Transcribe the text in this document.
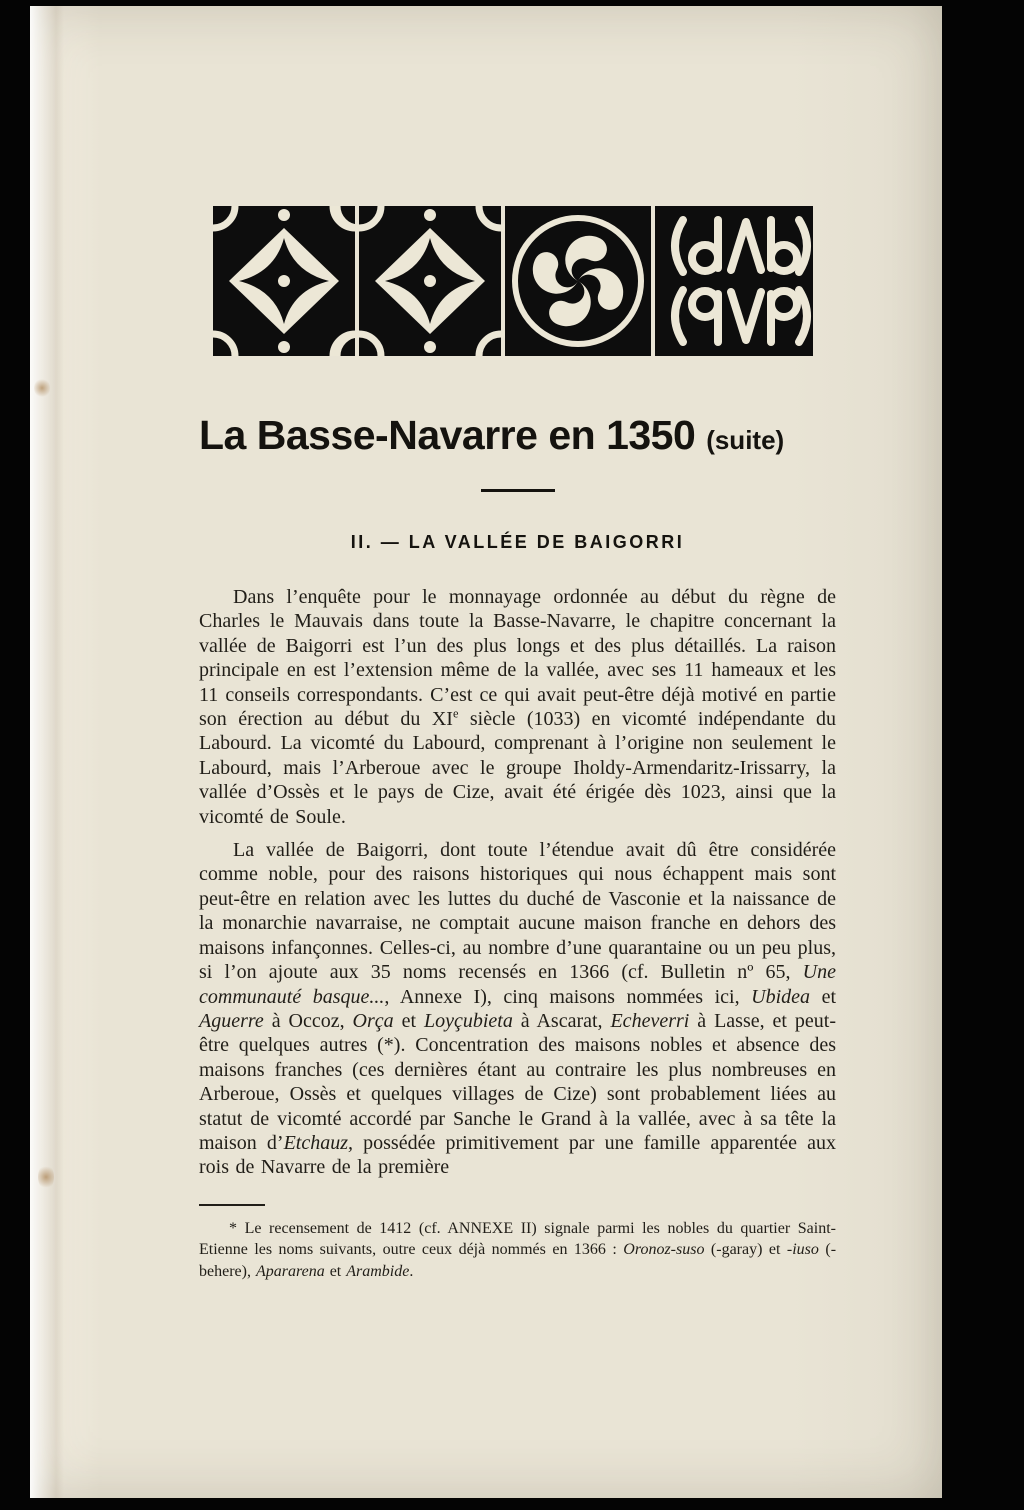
La Basse-Navarre en 1350 (suite)
II. — LA VALLÉE DE BAIGORRI

Dans l’enquête pour le monnayage ordonnée au début du règne de Charles le Mauvais dans toute la Basse-Navarre, le chapitre concernant la vallée de Baigorri est l’un des plus longs et des plus détaillés. La raison principale en est l’extension même de la vallée, avec ses 11 hameaux et les 11 conseils correspondants. C’est ce qui avait peut-être déjà motivé en partie son érection au début du XIe siècle (1033) en vicomté indépendante du Labourd. La vicomté du Labourd, comprenant à l’origine non seulement le Labourd, mais l’Arberoue avec le groupe Iholdy-Armendaritz-Irissarry, la vallée d’Ossès et le pays de Cize, avait été érigée dès 1023, ainsi que la vicomté de Soule.

La vallée de Baigorri, dont toute l’étendue avait dû être considérée comme noble, pour des raisons historiques qui nous échappent mais sont peut-être en relation avec les luttes du duché de Vasconie et la naissance de la monarchie navarraise, ne comptait aucune maison franche en dehors des maisons infançonnes. Celles-ci, au nombre d’une quarantaine ou un peu plus, si l’on ajoute aux 35 noms recensés en 1366 (cf. Bulletin nº 65, Une communauté basque..., Annexe I), cinq maisons nommées ici, Ubidea et Aguerre à Occoz, Orça et Loyçubieta à Ascarat, Echeverri à Lasse, et peut-être quelques autres (*). Concentration des maisons nobles et absence des maisons franches (ces dernières étant au contraire les plus nombreuses en Arberoue, Ossès et quelques villages de Cize) sont probablement liées au statut de vicomté accordé par Sanche le Grand à la vallée, avec à sa tête la maison d’Etchauz, possédée primitivement par une famille apparentée aux rois de Navarre de la première

* Le recensement de 1412 (cf. ANNEXE II) signale parmi les nobles du quartier Saint-Etienne les noms suivants, outre ceux déjà nommés en 1366 : Oronoz-suso (-garay) et -iuso (-behere), Apararena et Arambide.
